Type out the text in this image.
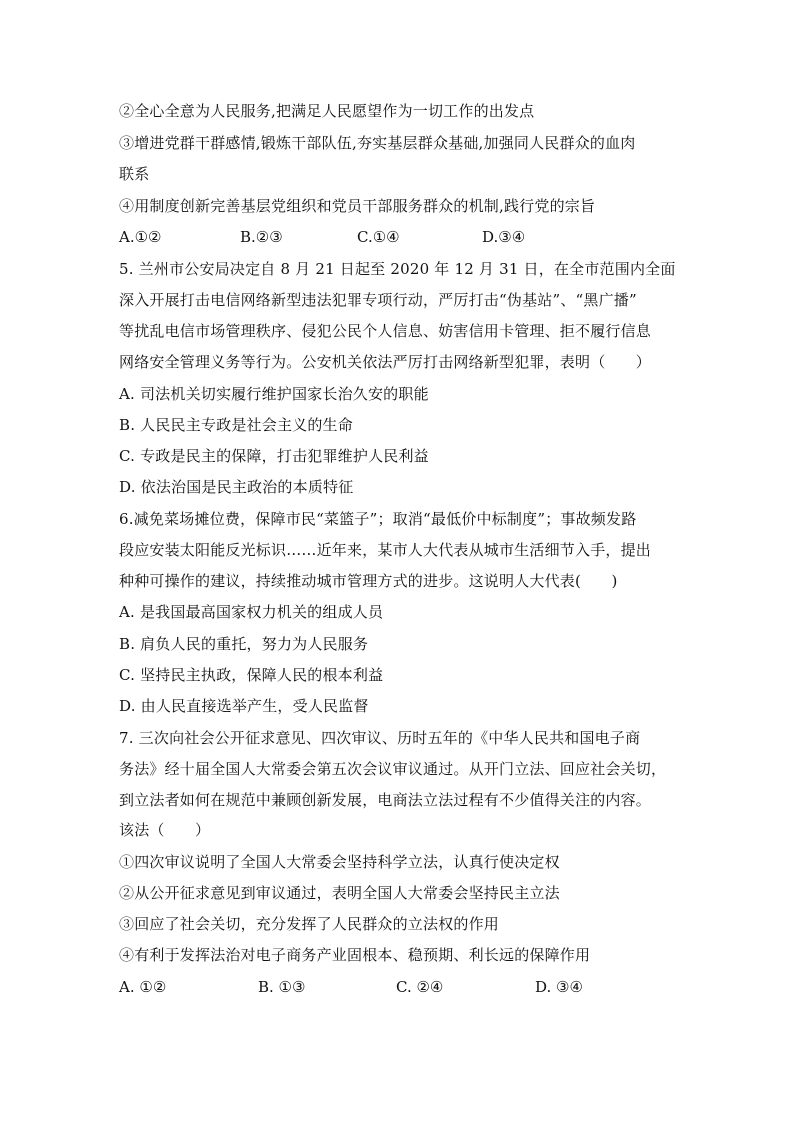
②全心全意为人民服务,把满足人民愿望作为一切工作的出发点
③增进党群干群感情,锻炼干部队伍,夯实基层群众基础,加强同人民群众的血肉
联系
④用制度创新完善基层党组织和党员干部服务群众的机制,践行党的宗旨
A.①②	B.②③	C.①④	D.③④
5. 兰州市公安局决定自 8 月 21 日起至 2020 年 12 月 31 日，在全市范围内全面
深入开展打击电信网络新型违法犯罪专项行动，严厉打击“伪基站”、“黑广播”
等扰乱电信市场管理秩序、侵犯公民个人信息、妨害信用卡管理、拒不履行信息
网络安全管理义务等行为。公安机关依法严厉打击网络新型犯罪，表明（　　）
A. 司法机关切实履行维护国家长治久安的职能
B. 人民民主专政是社会主义的生命
C. 专政是民主的保障，打击犯罪维护人民利益
D. 依法治国是民主政治的本质特征
6.减免菜场摊位费，保障市民“菜篮子”；取消“最低价中标制度”；事故频发路
段应安装太阳能反光标识……近年来，某市人大代表从城市生活细节入手，提出
种种可操作的建议，持续推动城市管理方式的进步。这说明人大代表(　　)
A. 是我国最高国家权力机关的组成人员
B. 肩负人民的重托，努力为人民服务
C. 坚持民主执政，保障人民的根本利益
D. 由人民直接选举产生，受人民监督
7. 三次向社会公开征求意见、四次审议、历时五年的《中华人民共和国电子商
务法》经十届全国人大常委会第五次会议审议通过。从开门立法、回应社会关切，
到立法者如何在规范中兼顾创新发展，电商法立法过程有不少值得关注的内容。
该法（　　）
①四次审议说明了全国人大常委会坚持科学立法，认真行使决定权
②从公开征求意见到审议通过，表明全国人大常委会坚持民主立法
③回应了社会关切，充分发挥了人民群众的立法权的作用
④有利于发挥法治对电子商务产业固根本、稳预期、利长远的保障作用
A. ①②	B. ①③	C. ②④	D. ③④
